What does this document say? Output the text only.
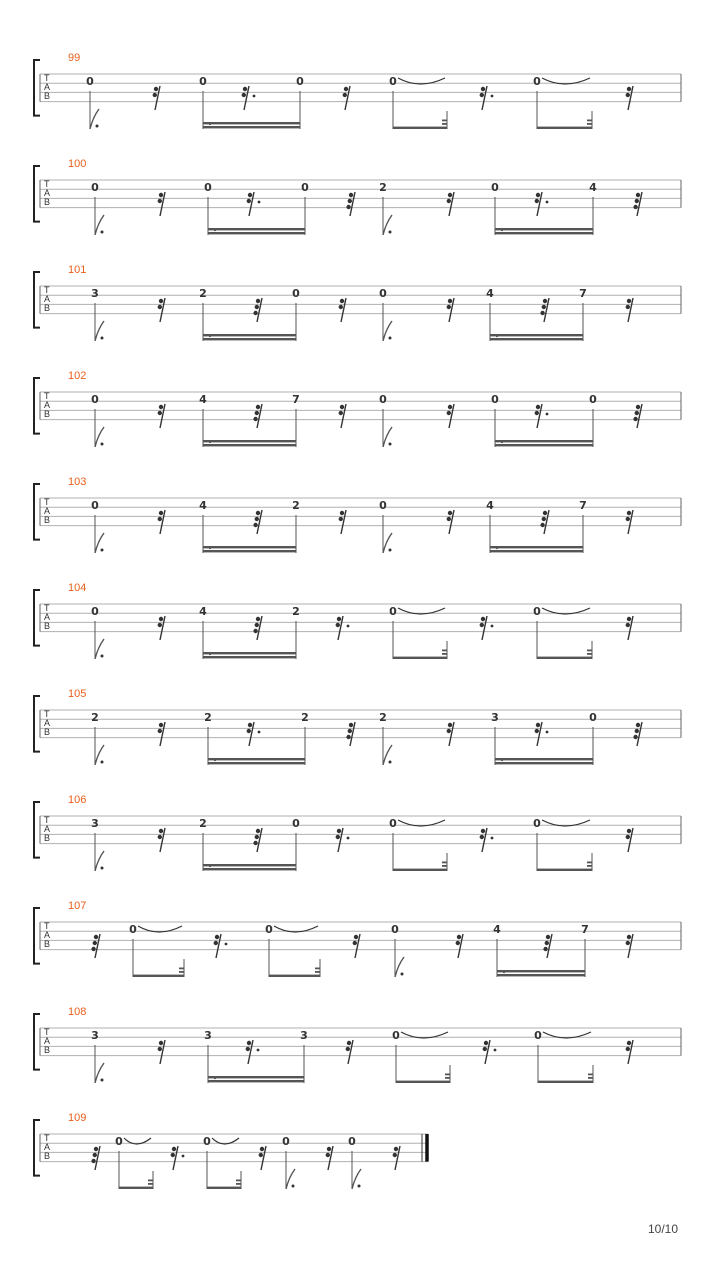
T
A
B
99
0	0	0	0	0
T
A
B
100
0	0	0	2	0	4
T
A
B
101
3	2	0	0	4	7
T
A
B
102
0	4	7	0	0	0
T
A
B
103
0	4	2	0	4	7
T
A
B
104
0	4	2	0	0
T
A
B
105
2	2	2	2	3	0
T
A
B
106
3	2	0	0	0
T
A
B
107
0	0	0	4	7
T
A
B
108
3	3	3	0	0
T
A
B
109
0	0	0	0
10/10
